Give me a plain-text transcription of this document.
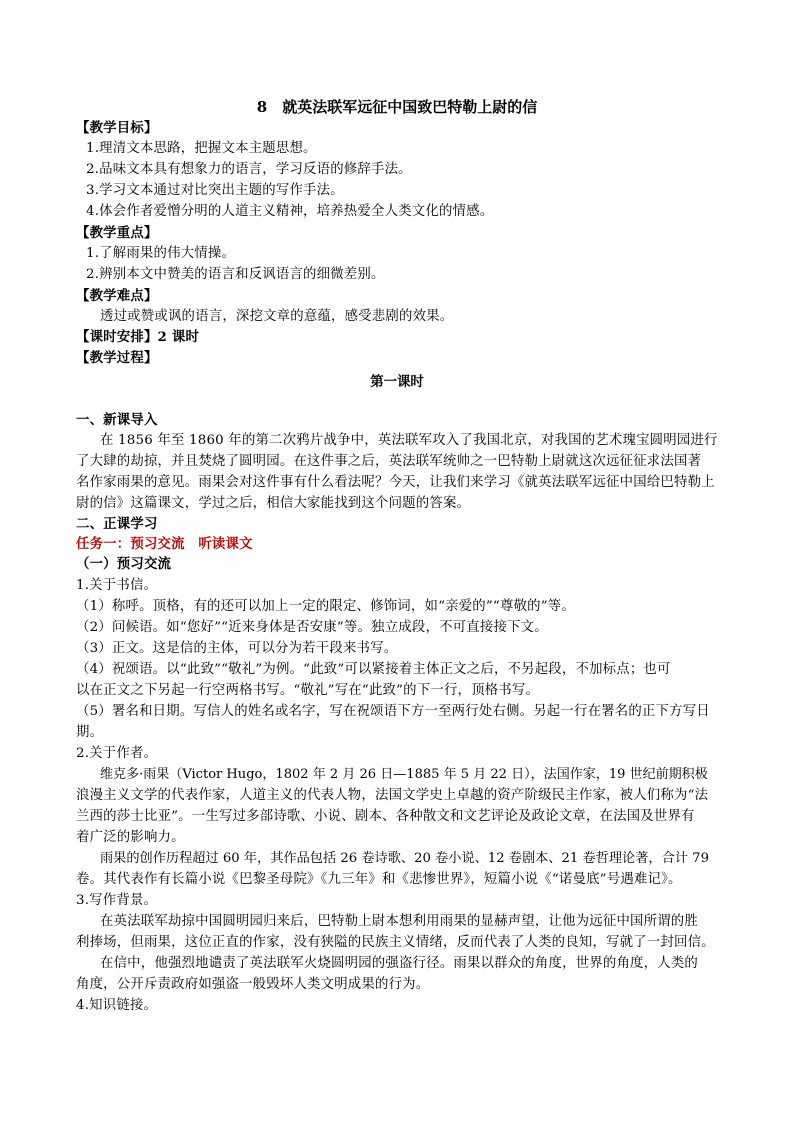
8　就英法联军远征中国致巴特勒上尉的信
【教学目标】
1.理清文本思路，把握文本主题思想。
2.品味文本具有想象力的语言，学习反语的修辞手法。
3.学习文本通过对比突出主题的写作手法。
4.体会作者爱憎分明的人道主义精神，培养热爱全人类文化的情感。
【教学重点】
1.了解雨果的伟大情操。
2.辨别本文中赞美的语言和反讽语言的细微差别。
【教学难点】
透过或赞或讽的语言，深挖文章的意蕴，感受悲剧的效果。
【课时安排】2 课时
【教学过程】
第一课时
一、新课导入
在 1856 年至 1860 年的第二次鸦片战争中，英法联军攻入了我国北京，对我国的艺术瑰宝圆明园进行
了大肆的劫掠，并且焚烧了圆明园。在这件事之后，英法联军统帅之一巴特勒上尉就这次远征征求法国著
名作家雨果的意见。雨果会对这件事有什么看法呢？今天，让我们来学习《就英法联军远征中国给巴特勒上
尉的信》这篇课文，学过之后，相信大家能找到这个问题的答案。
二、正课学习
任务一：预习交流　听读课文
（一）预习交流
1.关于书信。
（1）称呼。顶格，有的还可以加上一定的限定、修饰词，如“亲爱的”“尊敬的”等。
（2）问候语。如“您好”“近来身体是否安康”等。独立成段，不可直接接下文。
（3）正文。这是信的主体，可以分为若干段来书写。
（4）祝颂语。以“此致”“敬礼”为例。“此致”可以紧接着主体正文之后，不另起段，不加标点；也可
以在正文之下另起一行空两格书写。“敬礼”写在“此致”的下一行，顶格书写。
（5）署名和日期。写信人的姓名或名字，写在祝颂语下方一至两行处右侧。另起一行在署名的正下方写日
期。
2.关于作者。
维克多·雨果（Victor Hugo，1802 年 2 月 26 日—1885 年 5 月 22 日），法国作家，19 世纪前期积极
浪漫主义文学的代表作家，人道主义的代表人物，法国文学史上卓越的资产阶级民主作家，被人们称为“法
兰西的莎士比亚”。一生写过多部诗歌、小说、剧本、各种散文和文艺评论及政论文章，在法国及世界有
着广泛的影响力。
雨果的创作历程超过 60 年，其作品包括 26 卷诗歌、20 卷小说、12 卷剧本、21 卷哲理论著，合计 79
卷。其代表作有长篇小说《巴黎圣母院》《九三年》和《悲惨世界》，短篇小说《“诺曼底”号遇难记》。
3.写作背景。
在英法联军劫掠中国圆明园归来后，巴特勒上尉本想利用雨果的显赫声望，让他为远征中国所谓的胜
利捧场，但雨果，这位正直的作家，没有狭隘的民族主义情绪，反而代表了人类的良知，写就了一封回信。
在信中，他强烈地谴责了英法联军火烧圆明园的强盗行径。雨果以群众的角度，世界的角度，人类的
角度，公开斥责政府如强盗一般毁坏人类文明成果的行为。
4.知识链接。
